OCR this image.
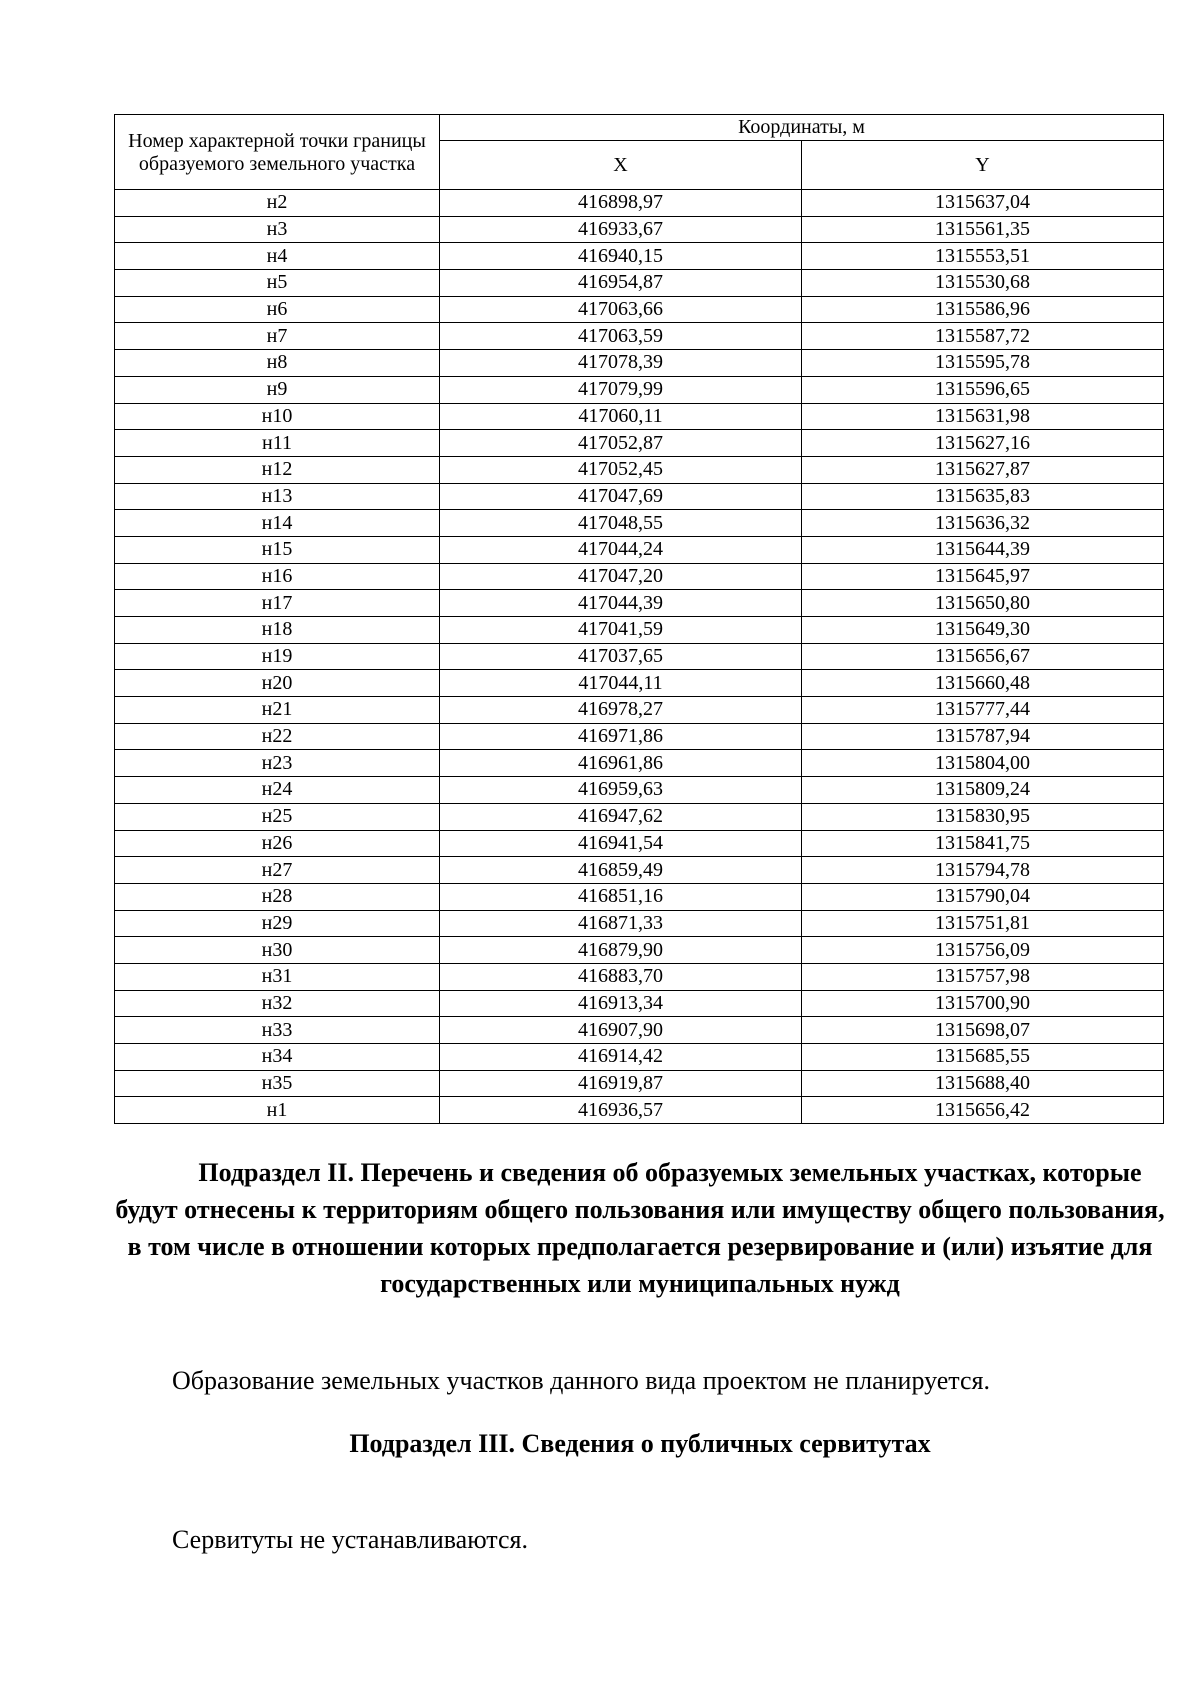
Номер характерной точки границы образуемого земельного участка	Координаты, м	
	X	Y
н2	416898,97	1315637,04
н3	416933,67	1315561,35
н4	416940,15	1315553,51
н5	416954,87	1315530,68
н6	417063,66	1315586,96
н7	417063,59	1315587,72
н8	417078,39	1315595,78
н9	417079,99	1315596,65
н10	417060,11	1315631,98
н11	417052,87	1315627,16
н12	417052,45	1315627,87
н13	417047,69	1315635,83
н14	417048,55	1315636,32
н15	417044,24	1315644,39
н16	417047,20	1315645,97
н17	417044,39	1315650,80
н18	417041,59	1315649,30
н19	417037,65	1315656,67
н20	417044,11	1315660,48
н21	416978,27	1315777,44
н22	416971,86	1315787,94
н23	416961,86	1315804,00
н24	416959,63	1315809,24
н25	416947,62	1315830,95
н26	416941,54	1315841,75
н27	416859,49	1315794,78
н28	416851,16	1315790,04
н29	416871,33	1315751,81
н30	416879,90	1315756,09
н31	416883,70	1315757,98
н32	416913,34	1315700,90
н33	416907,90	1315698,07
н34	416914,42	1315685,55
н35	416919,87	1315688,40
н1	416936,57	1315656,42
Подраздел II. Перечень и сведения об образуемых земельных участках, которые будут отнесены к территориям общего пользования или имуществу общего пользования, в том числе в отношении которых предполагается резервирование и (или) изъятие для государственных или муниципальных нужд
Образование земельных участков данного вида проектом не планируется.
Подраздел III. Сведения о публичных сервитутах
Сервитуты не устанавливаются.
